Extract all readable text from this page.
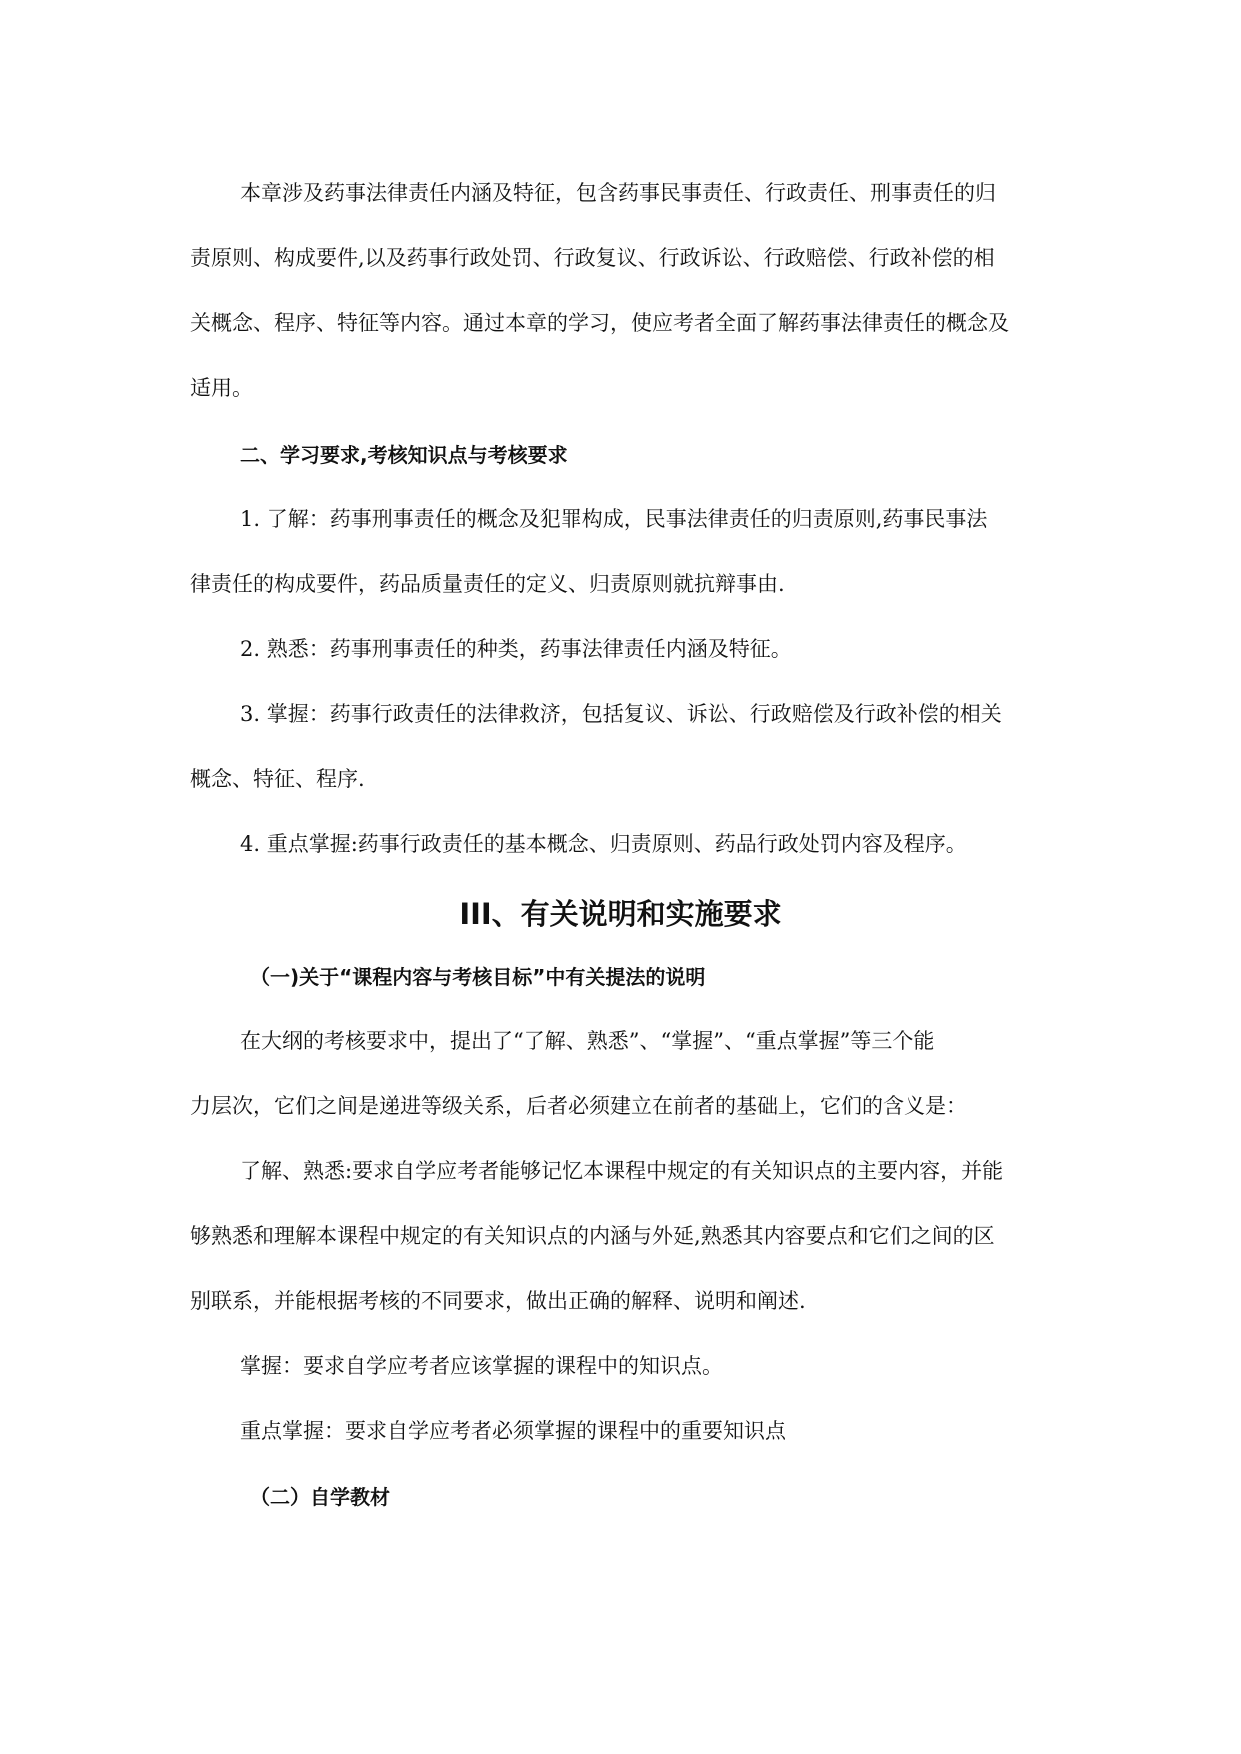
本章涉及药事法律责任内涵及特征，包含药事民事责任、行政责任、刑事责任的归

责原则、构成要件,以及药事行政处罚、行政复议、行政诉讼、行政赔偿、行政补偿的相

关概念、程序、特征等内容。通过本章的学习，使应考者全面了解药事法律责任的概念及

适用。

二、学习要求,考核知识点与考核要求

1. 了解：药事刑事责任的概念及犯罪构成，民事法律责任的归责原则,药事民事法

律责任的构成要件，药品质量责任的定义、归责原则就抗辩事由.

2. 熟悉：药事刑事责任的种类，药事法律责任内涵及特征。

3. 掌握：药事行政责任的法律救济，包括复议、诉讼、行政赔偿及行政补偿的相关

概念、特征、程序.

4. 重点掌握:药事行政责任的基本概念、归责原则、药品行政处罚内容及程序。

III、有关说明和实施要求

（一)关于“课程内容与考核目标”中有关提法的说明

在大纲的考核要求中，提出了“了解、熟悉”、“掌握”、“重点掌握”等三个能

力层次，它们之间是递进等级关系，后者必须建立在前者的基础上，它们的含义是：

了解、熟悉:要求自学应考者能够记忆本课程中规定的有关知识点的主要内容，并能

够熟悉和理解本课程中规定的有关知识点的内涵与外延,熟悉其内容要点和它们之间的区

别联系，并能根据考核的不同要求，做出正确的解释、说明和阐述.

掌握：要求自学应考者应该掌握的课程中的知识点。

重点掌握：要求自学应考者必须掌握的课程中的重要知识点

（二）自学教材
